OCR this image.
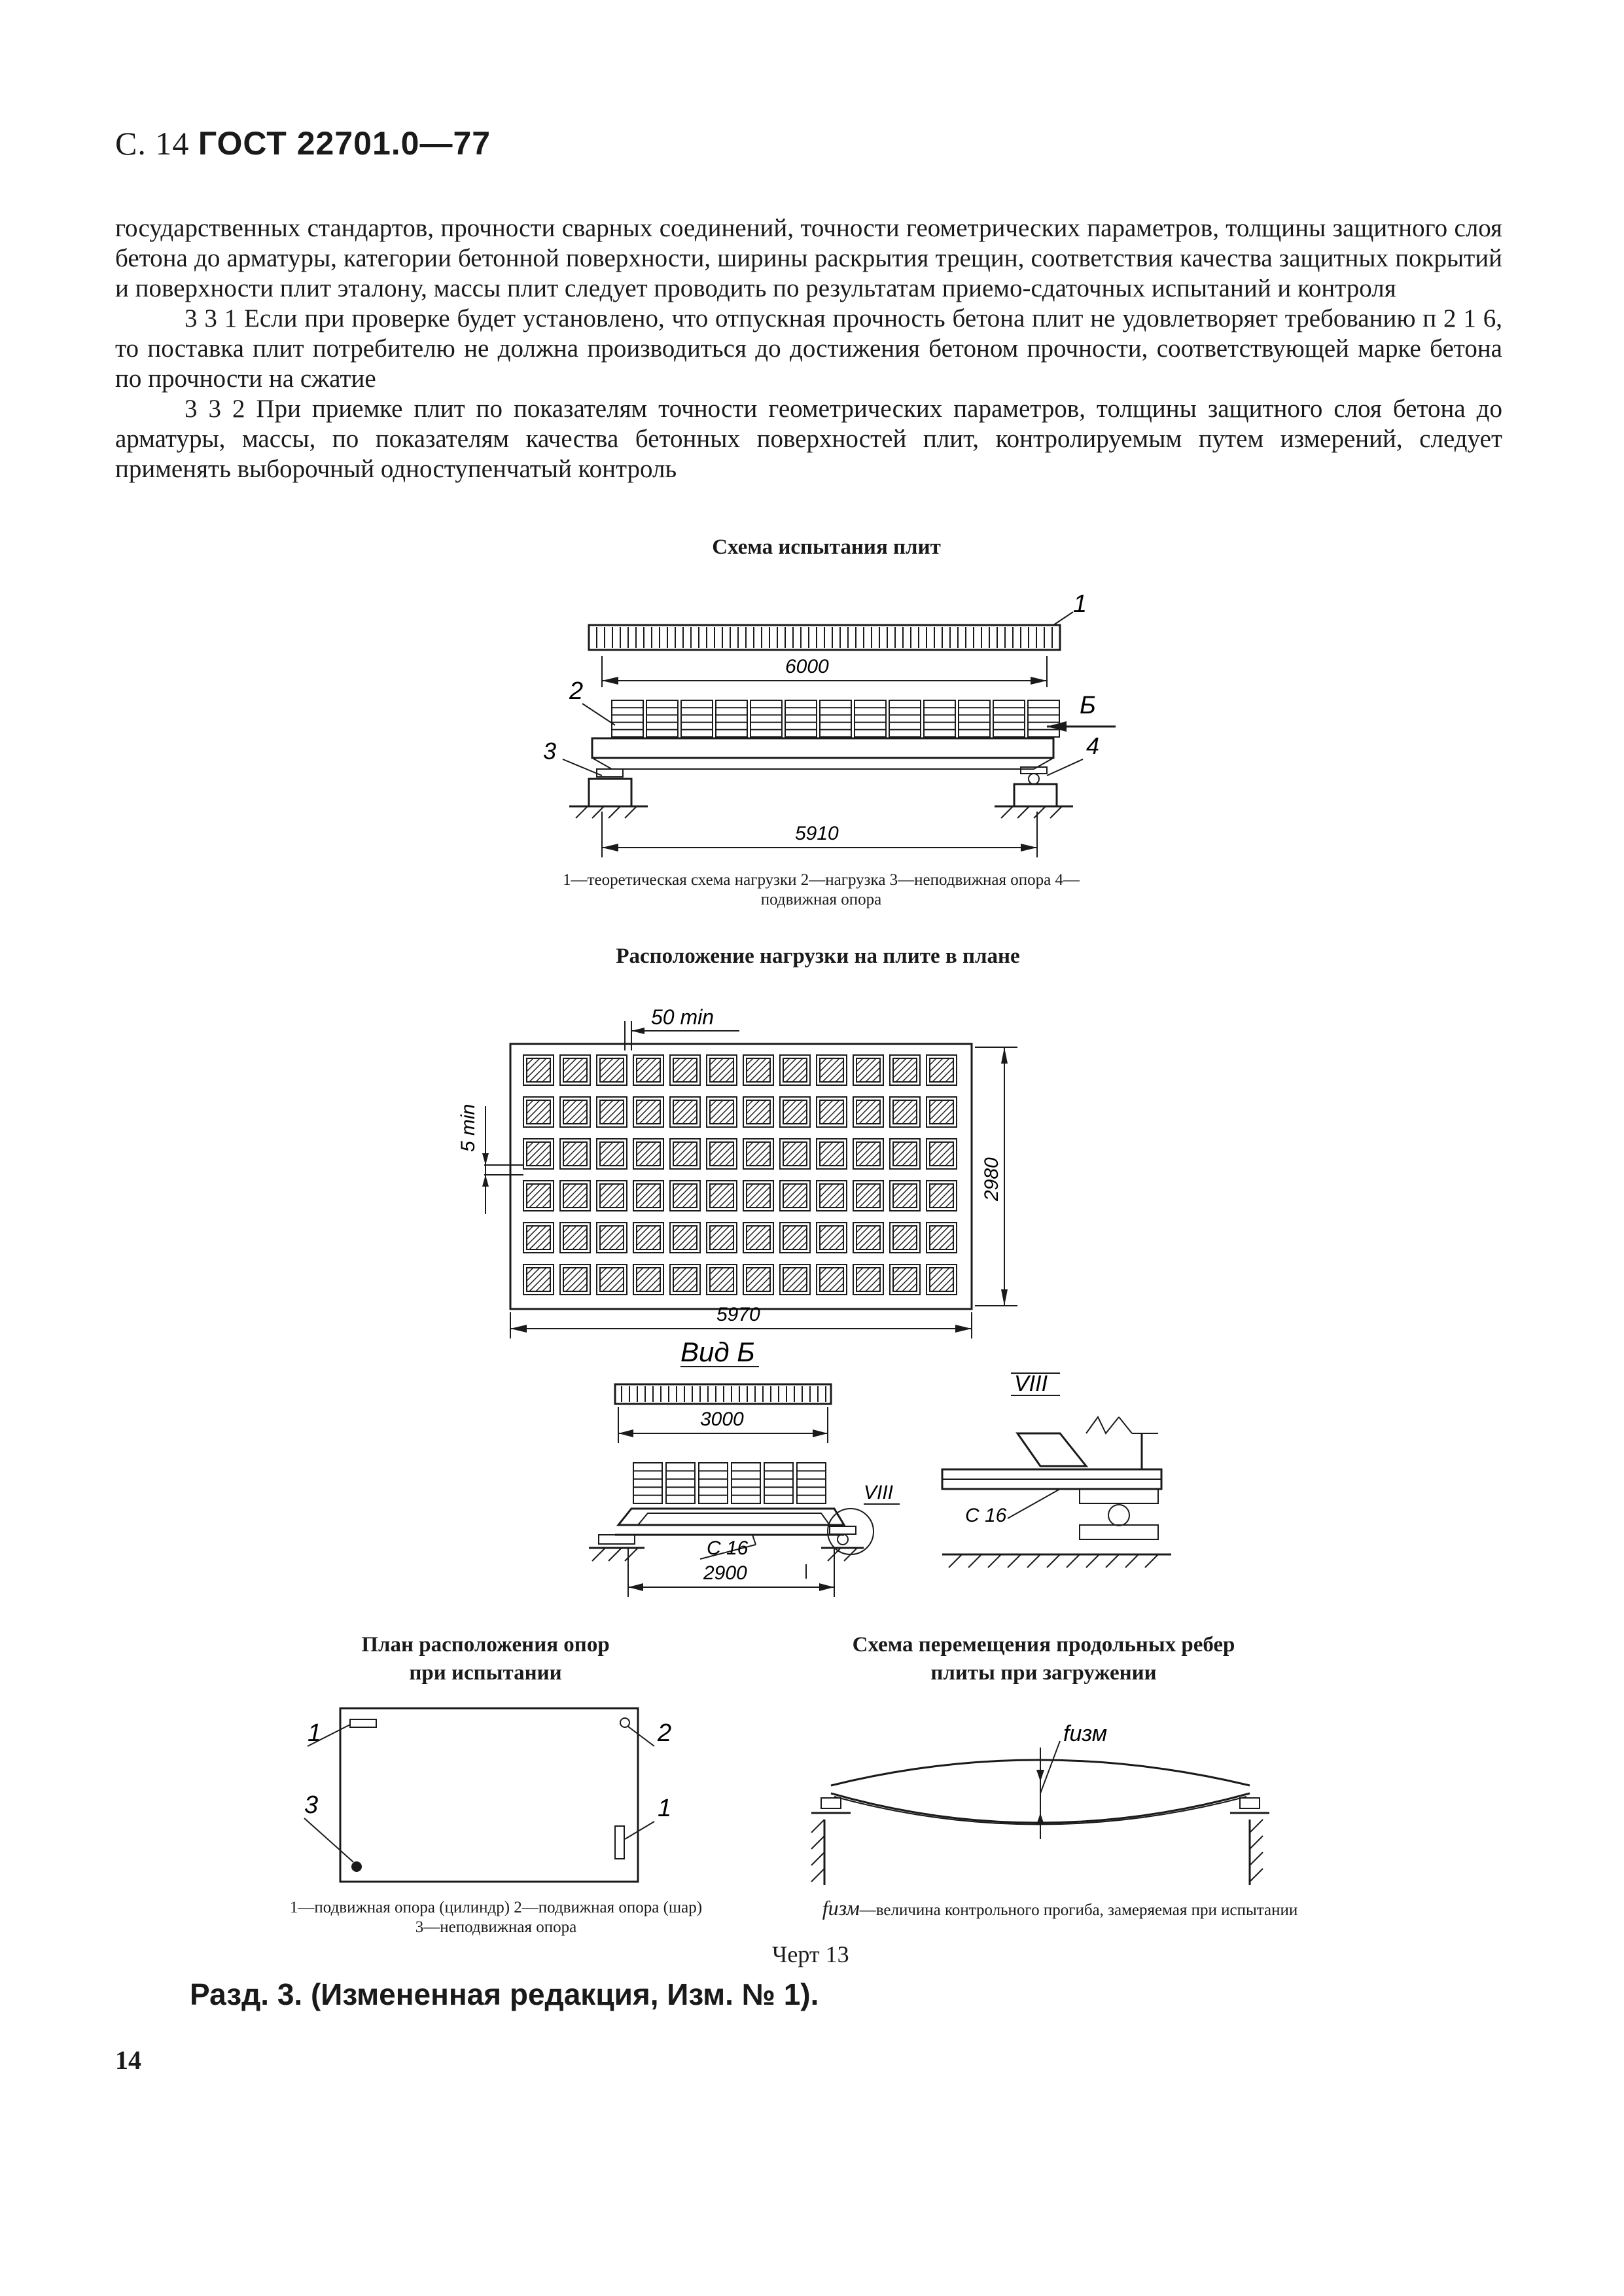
С. 14 ГОСТ 22701.0—77

государственных стандартов, прочности сварных соединений, точности геометрических параметров, толщины защитного слоя бетона до арматуры, категории бетонной поверхности, ширины раскрытия трещин, соответствия качества защитных покрытий и поверхности плит эталону, массы плит следует проводить по результатам приемо-сдаточных испытаний и контроля

3 3 1 Если при проверке будет установлено, что отпускная прочность бетона плит не удовлетворяет требованию п 2 1 6, то поставка плит потребителю не должна производиться до достижения бетоном прочности, соответствующей марке бетона по прочности на сжатие

3 3 2 При приемке плит по показателям точности геометрических параметров, толщины защитного слоя бетона до арматуры, массы, по показателям качества бетонных поверхностей плит, контролируемым путем измерений, следует применять выборочный одноступенчатый контроль

Схема испытания плит
6000
1
2
3	4
Б
5910
50 min
5 min
2980
5970
Вид Б
3000
С 16
VIII
2900
VIII
С 16
1	2
3	1
fизм
1—теоретическая схема нагрузки 2—нагрузка 3—неподвижная опора 4—подвижная опора
Расположение нагрузки на плите в плане
План расположения опор
при испытании
1—подвижная опора (цилиндр) 2—подвижная опора (шар) 3—неподвижная опора
Схема перемещения продольных ребер
плиты при загружении
fизм—величина контрольного прогиба, замеряемая при испытании
Черт 13
Разд. 3. (Измененная редакция, Изм. № 1).
14
